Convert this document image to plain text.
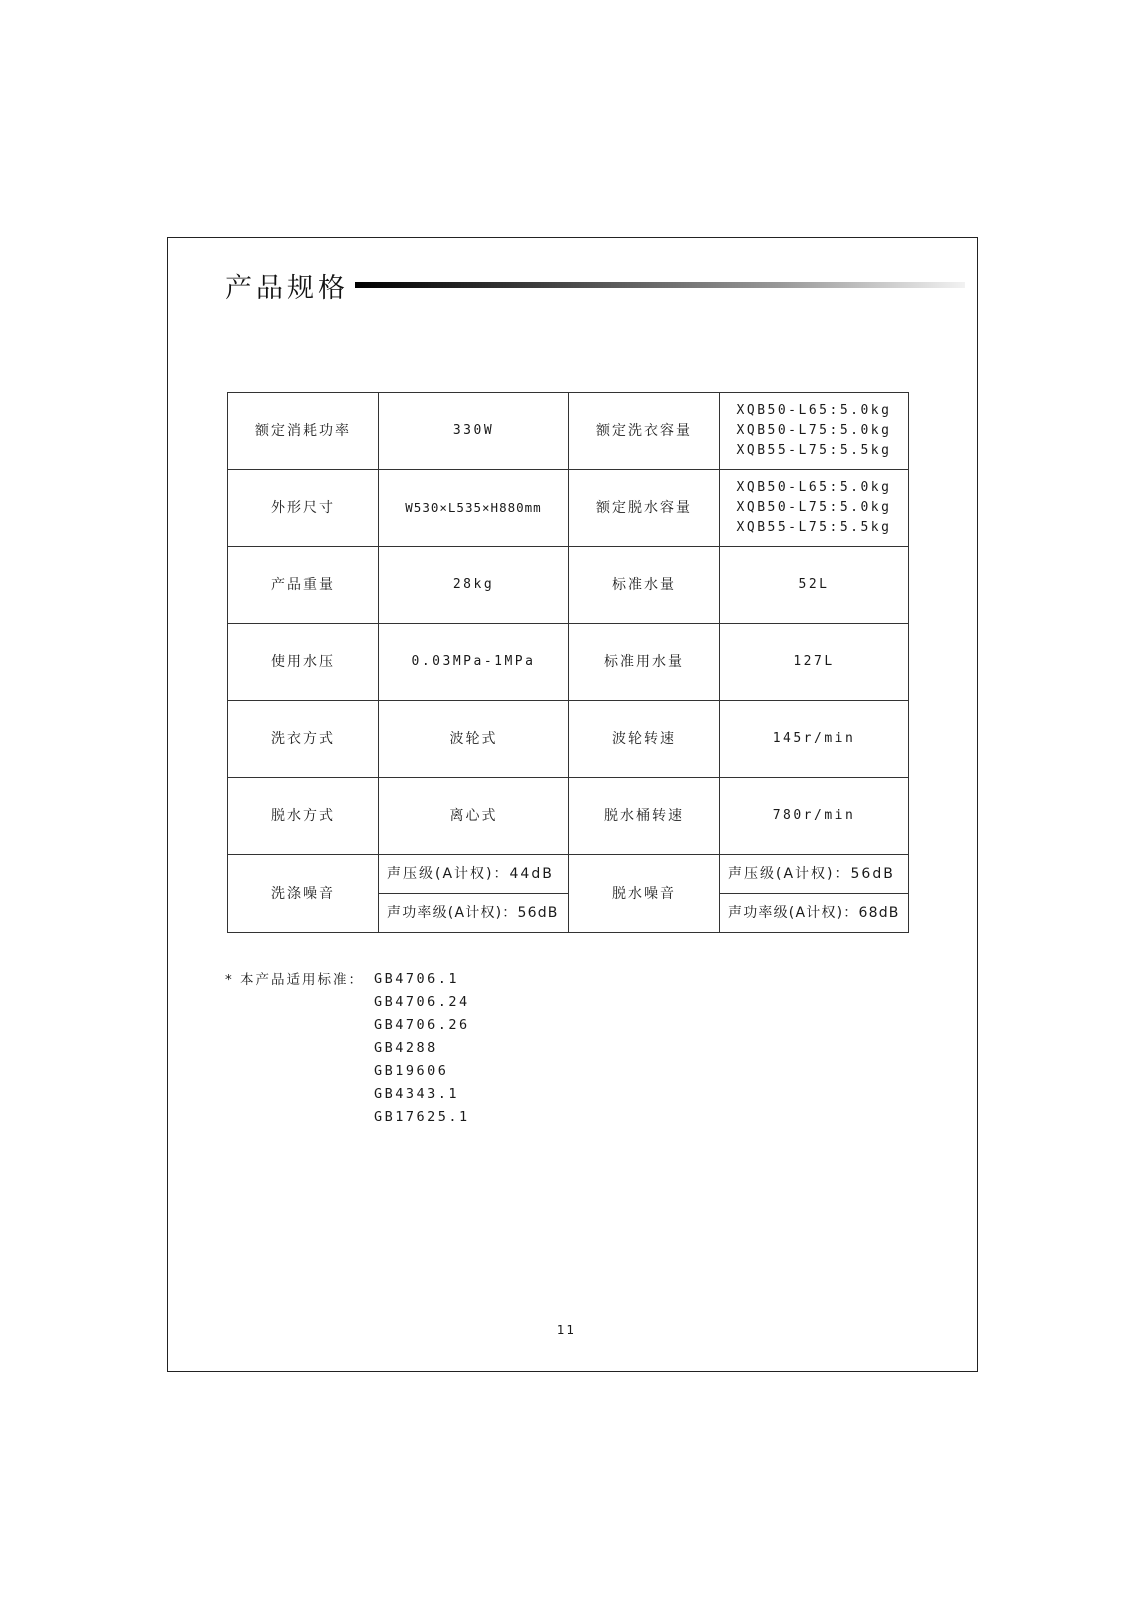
产品规格
额定消耗功率	330W	额定洗衣容量	XQB50-L65:5.0kg
XQB50-L75:5.0kg
XQB55-L75:5.5kg

外形尺寸	W530×L535×H880mm	额定脱水容量	XQB50-L65:5.0kg
XQB50-L75:5.0kg
XQB55-L75:5.5kg

产品重量	28kg	标准水量	52L
使用水压	0.03MPa-1MPa	标准用水量	127L
洗衣方式	波轮式	波轮转速	145r/min
脱水方式	离心式	脱水桶转速	780r/min
洗涤噪音	声压级(A计权)：44dB	脱水噪音	声压级(A计权)：56dB
	声功率级(A计权)：56dB		声功率级(A计权)：68dB
* 本产品适用标准： GB4706.1
GB4706.24
GB4706.26
GB4288
GB19606
GB4343.1
GB17625.1
11
